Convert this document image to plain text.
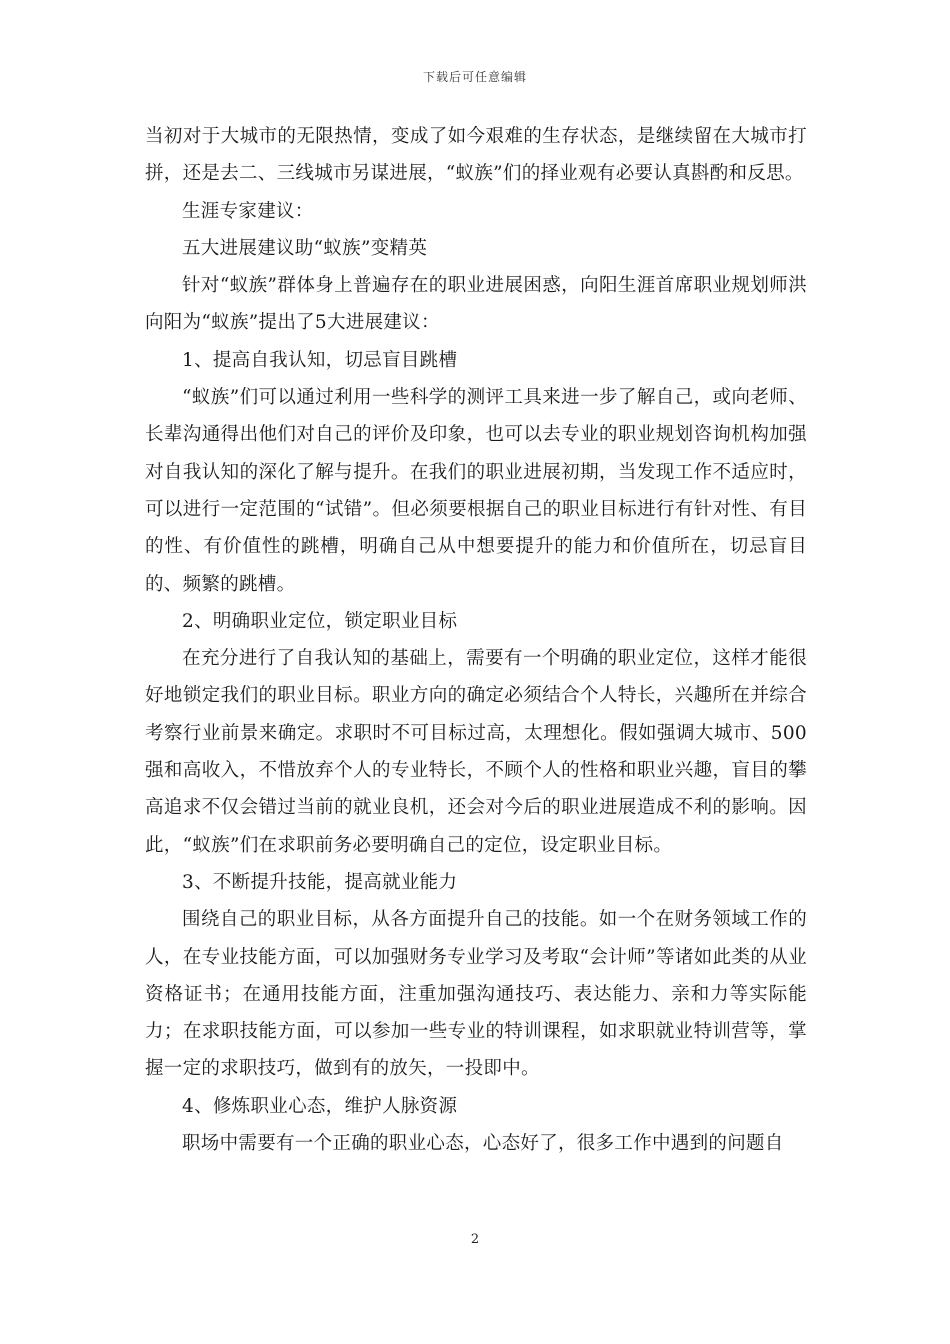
下载后可任意编辑

当初对于大城市的无限热情，变成了如今艰难的生存状态，是继续留在大城市打拼，还是去二、三线城市另谋进展，“蚁族”们的择业观有必要认真斟酌和反思。

生涯专家建议：

五大进展建议助“蚁族”变精英

针对“蚁族”群体身上普遍存在的职业进展困惑，向阳生涯首席职业规划师洪向阳为“蚁族”提出了5大进展建议：

1、提高自我认知，切忌盲目跳槽

“蚁族”们可以通过利用一些科学的测评工具来进一步了解自己，或向老师、长辈沟通得出他们对自己的评价及印象，也可以去专业的职业规划咨询机构加强对自我认知的深化了解与提升。在我们的职业进展初期，当发现工作不适应时，可以进行一定范围的“试错”。但必须要根据自己的职业目标进行有针对性、有目的性、有价值性的跳槽，明确自己从中想要提升的能力和价值所在，切忌盲目的、频繁的跳槽。

2、明确职业定位，锁定职业目标

在充分进行了自我认知的基础上，需要有一个明确的职业定位，这样才能很好地锁定我们的职业目标。职业方向的确定必须结合个人特长，兴趣所在并综合考察行业前景来确定。求职时不可目标过高，太理想化。假如强调大城市、500强和高收入，不惜放弃个人的专业特长，不顾个人的性格和职业兴趣，盲目的攀高追求不仅会错过当前的就业良机，还会对今后的职业进展造成不利的影响。因此，“蚁族”们在求职前务必要明确自己的定位，设定职业目标。

3、不断提升技能，提高就业能力

围绕自己的职业目标，从各方面提升自己的技能。如一个在财务领域工作的人，在专业技能方面，可以加强财务专业学习及考取“会计师”等诸如此类的从业资格证书；在通用技能方面，注重加强沟通技巧、表达能力、亲和力等实际能力；在求职技能方面，可以参加一些专业的特训课程，如求职就业特训营等，掌握一定的求职技巧，做到有的放矢，一投即中。

4、修炼职业心态，维护人脉资源

职场中需要有一个正确的职业心态，心态好了，很多工作中遇到的问题自

2
